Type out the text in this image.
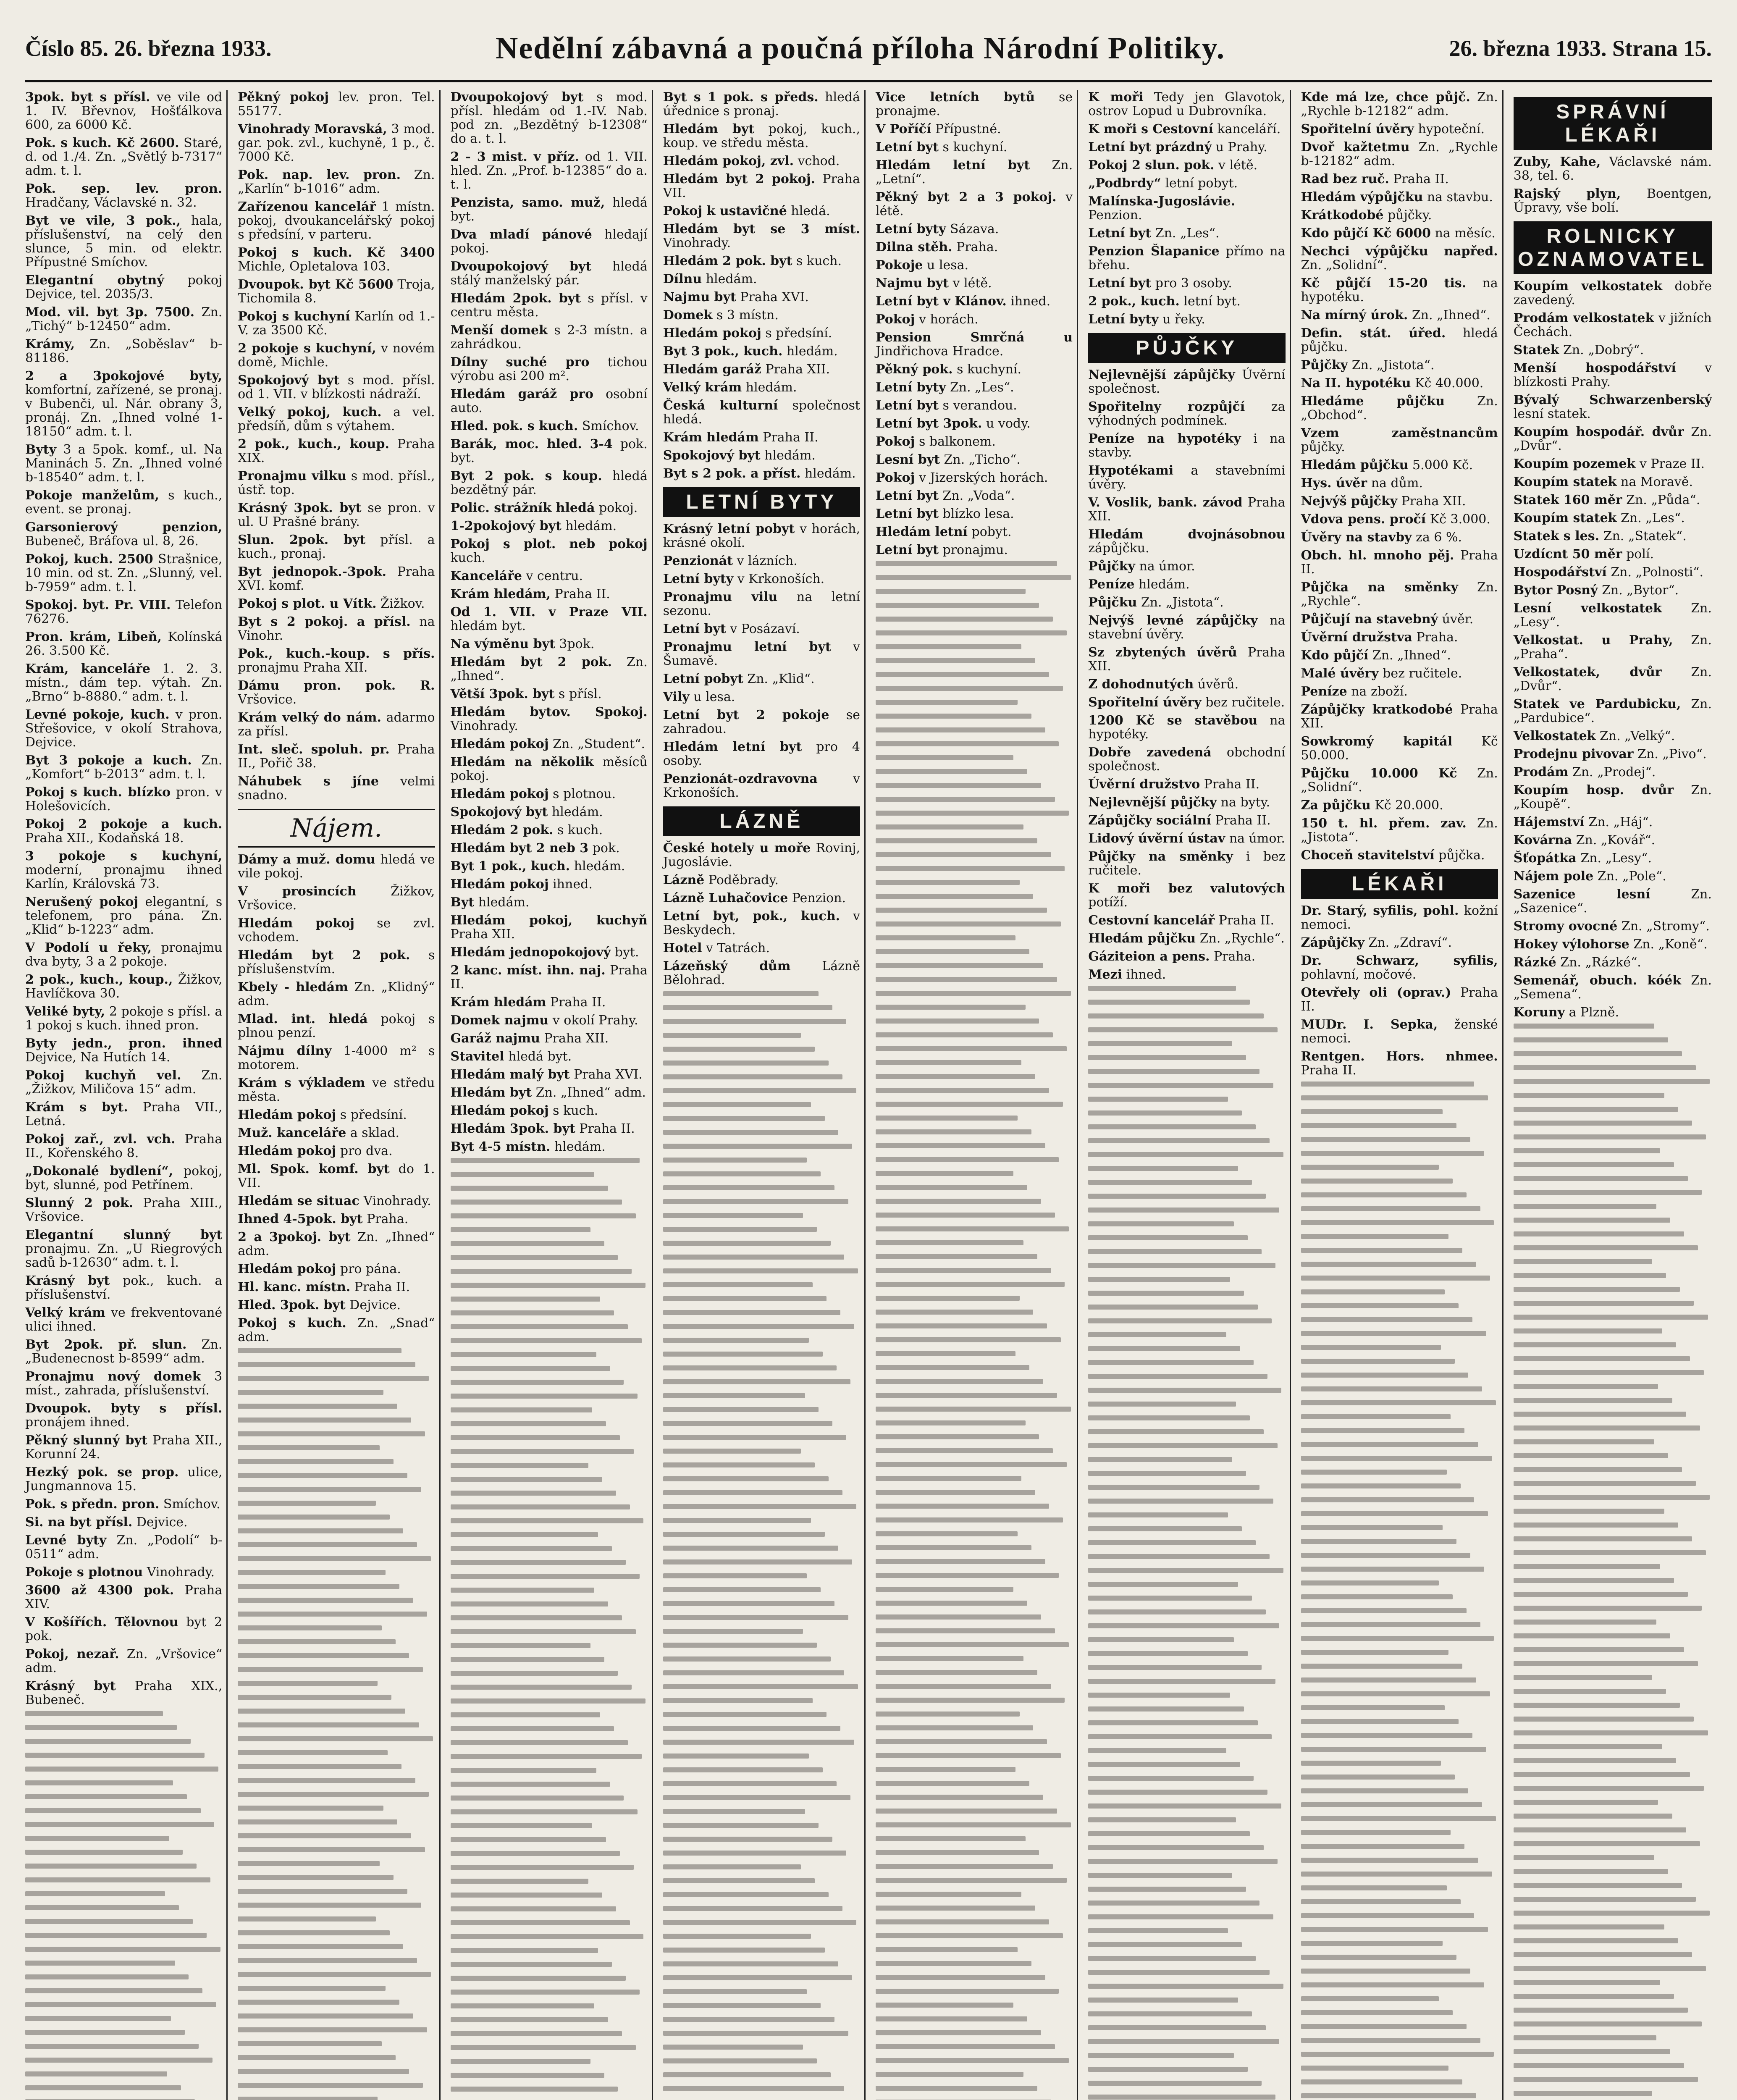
Číslo 85. 26. března 1933.	Nedělní zábavná a poučná příloha Národní Politiky.	26. března 1933. Strana 15.

3pok. byt s přísl. ve vile od 1. IV. Břevnov, Hošťálkova 600, za 6000 Kč.

Pok. s kuch. Kč 2600. Staré, d. od 1./4. Zn. „Světlý b-7317“ adm. t. l.

Pok. sep. lev. pron. Hradčany, Václavské n. 32.

Byt ve vile, 3 pok., hala, příslušenství, na celý den slunce, 5 min. od elektr. Přípustné Smíchov.

Elegantní obytný pokoj Dejvice, tel. 2035/3.

Mod. vil. byt 3p. 7500. Zn. „Tichý“ b-12450“ adm.

Krámy, Zn. „Soběslav“ b-81186.

2 a 3pokojové byty, komfortní, zařízené, se pronaj. v Bubenči, ul. Nár. obrany 3, pronáj. Zn. „Ihned volné 1-18150“ adm. t. l.

Byty 3 a 5pok. komf., ul. Na Maninách 5. Zn. „Ihned volné b-18540“ adm. t. l.

Pokoje manželům, s kuch., event. se pronaj.

Garsonierový penzion, Bubeneč, Bráfova ul. 8, 26.

Pokoj, kuch. 2500 Strašnice, 10 min. od st. Zn. „Slunný, vel. b-7959“ adm. t. l.

Spokoj. byt. Pr. VIII. Telefon 76276.

Pron. krám, Libeň, Kolínská 26. 3.500 Kč.

Krám, kanceláře 1. 2. 3. místn., dám tep. výtah. Zn. „Brno“ b-8880.“ adm. t. l.

Levné pokoje, kuch. v pron. Střešovice, v okolí Strahova, Dejvice.

Byt 3 pokoje a kuch. Zn. „Komfort“ b-2013“ adm. t. l.

Pokoj s kuch. blízko pron. v Holešovicích.

Pokoj 2 pokoje a kuch. Praha XII., Kodaňská 18.

3 pokoje s kuchyní, moderní, pronajmu ihned Karlín, Královská 73.

Nerušený pokoj elegantní, s telefonem, pro pána. Zn. „Klid“ b-1223“ adm.

V Podolí u řeky, pronajmu dva byty, 3 a 2 pokoje.

2 pok., kuch., koup., Žižkov, Havlíčkova 30.

Veliké byty, 2 pokoje s přísl. a 1 pokoj s kuch. ihned pron.

Byty jedn., pron. ihned Dejvice, Na Hutích 14.

Pokoj kuchyň vel. Zn. „Žižkov, Miličova 15“ adm.

Krám s byt. Praha VII., Letná.

Pokoj zař., zvl. vch. Praha II., Kořenského 8.

„Dokonalé bydlení“, pokoj, byt, slunné, pod Petřínem.

Slunný 2 pok. Praha XIII., Vršovice.

Elegantní slunný byt pronajmu. Zn. „U Riegrových sadů b-12630“ adm. t. l.

Krásný byt pok., kuch. a příslušenství.

Velký krám ve frekventované ulici ihned.

Byt 2pok. př. slun. Zn. „Budenecnost b-8599“ adm.

Pronajmu nový domek 3 míst., zahrada, příslušenství.

Dvoupok. byty s přísl. pronájem ihned.

Pěkný slunný byt Praha XII., Korunní 24.

Hezký pok. se prop. ulice, Jungmannova 15.

Pok. s předn. pron. Smíchov.

Si. na byt přísl. Dejvice.

Levné byty Zn. „Podolí“ b-0511“ adm.

Pokoje s plotnou Vinohrady.

3600 až 4300 pok. Praha XIV.

V Košířích. Tělovnou byt 2 pok.

Pokoj, nezař. Zn. „Vršovice“ adm.

Krásný byt Praha XIX., Bubeneč.

Pěkný pokoj lev. pron. Tel. 55177.

Vinohrady Moravská, 3 mod. gar. pok. zvl., kuchyně, 1 p., č. 7000 Kč.

Pok. nap. lev. pron. Zn. „Karlín“ b-1016“ adm.

Zařízenou kancelář 1 místn. pokoj, dvoukancelářský pokoj s předsíní, v parteru.

Pokoj s kuch. Kč 3400 Michle, Opletalova 103.

Dvoupok. byt Kč 5600 Troja, Tichomila 8.

Pokoj s kuchyní Karlín od 1.-V. za 3500 Kč.

2 pokoje s kuchyní, v novém domě, Michle.

Spokojový byt s mod. přísl. od 1. VII. v blízkosti nádraží.

Velký pokoj, kuch. a vel. předsíň, dům s výtahem.

2 pok., kuch., koup. Praha XIX.

Pronajmu vilku s mod. přísl., ústř. top.

Krásný 3pok. byt se pron. v ul. U Prašné brány.

Slun. 2pok. byt přísl. a kuch., pronaj.

Byt jednopok.-3pok. Praha XVI. komf.

Pokoj s plot. u Vítk. Žižkov.

Byt s 2 pokoj. a přísl. na Vinohr.

Pok., kuch.-koup. s přís. pronajmu Praha XII.

Dámu pron. pok. R. Vršovice.

Krám velký do nám. adarmo za přísl.

Int. sleč. spoluh. pr. Praha II., Pořič 38.

Náhubek s jíne velmi snadno.

Nájem.

Dámy a muž. domu hledá ve vile pokoj.

V prosincích	Žižkov, Vršovice.

Hledám pokoj se zvl. vchodem.

Hledám byt 2 pok. s příslušenstvím.

Kbely - hledám Zn. „Klidný“ adm.

Mlad. int. hledá pokoj s plnou penzí.

Nájmu dílny 1-4000 m² s motorem.

Krám s výkladem ve středu města.

Hledám pokoj s předsíní.

Muž. kanceláře a sklad.

Hledám pokoj pro dva.

Ml. Spok. komf. byt do 1. VII.

Hledám se situac Vinohrady.

Ihned 4-5pok. byt Praha.

2 a 3pokoj. byt Zn. „Ihned“ adm.

Hledám pokoj pro pána.

Hl. kanc. místn. Praha II.

Hled. 3pok. byt Dejvice.

Pokoj s kuch. Zn. „Snad“ adm.

Dvoupokojový byt s mod. přísl. hledám od 1.-IV. Nab. pod zn. „Bezdětný b-12308“ do a. t. l.

2 - 3 mist. v příz. od 1. VII. hled. Zn. „Prof. b-12385“ do a. t. l.

Penzista, samo. muž, hledá byt.

Dva mladí pánové hledají pokoj.

Dvoupokojový byt hledá stálý manželský pár.

Hledám 2pok. byt s přísl. v centru města.

Menší domek s 2-3 místn. a zahrádkou.

Dílny suché pro tichou výrobu asi 200 m².

Hledám garáž pro osobní auto.

Hled. pok. s kuch. Smíchov.

Barák, moc. hled. 3-4 pok. byt.

Byt 2 pok. s koup. hledá bezdětný pár.

Polic. strážník hledá pokoj.

1-2pokojový byt hledám.

Pokoj s plot. neb pokoj kuch.

Kanceláře v centru.

Krám hledám, Praha II.

Od 1. VII. v Praze VII. hledám byt.

Na výměnu byt 3pok.

Hledám byt 2 pok. Zn. „Ihned“.

Větší 3pok. byt s přísl.

Hledám bytov. Spokoj. Vinohrady.

Hledám pokoj Zn. „Student“.

Hledám na několik měsíců pokoj.

Hledám pokoj s plotnou.

Spokojový byt hledám.

Hledám 2 pok. s kuch.

Hledám byt 2 neb 3 pok.

Byt 1 pok., kuch. hledám.

Hledám pokoj ihned.

Byt hledám.

Hledám pokoj, kuchyň Praha XII.

Hledám jednopokojový byt.

2 kanc. míst. ihn. naj. Praha II.

Krám hledám Praha II.

Domek najmu v okolí Prahy.

Garáž najmu Praha XII.

Stavitel hledá byt.

Hledám malý byt Praha XVI.

Hledám byt Zn. „Ihned“ adm.

Hledám pokoj s kuch.

Hledám 3pok. byt Praha II.

Byt 4-5 místn. hledám.

Byt s 1 pok. s předs. hledá úřednice s pronaj.

Hledám byt pokoj, kuch., koup. ve středu města.

Hledám pokoj, zvl. vchod.

Hledám byt 2 pokoj. Praha VII.

Pokoj k ustavičné hledá.

Hledám byt se 3 míst. Vinohrady.

Hledám 2 pok. byt s kuch.

Dílnu hledám.

Najmu byt Praha XVI.

Domek s 3 místn.

Hledám pokoj s předsíní.

Byt 3 pok., kuch. hledám.

Hledám garáž Praha XII.

Velký krám hledám.

Česká kulturní společnost hledá.

Krám hledám Praha II.

Spokojový byt hledám.

Byt s 2 pok. a příst. hledám.

LETNÍ BYTY

Krásný letní pobyt v horách, krásné okolí.

Penzionát v lázních.

Letní byty v Krkonoších.

Pronajmu vilu na letní sezonu.

Letní byt v Posázaví.

Pronajmu letní byt v Šumavě.

Letní pobyt Zn. „Klid“.

Vily u lesa.

Letní byt 2 pokoje se zahradou.

Hledám letní byt pro 4 osoby.

Penzionát-ozdravovna	v Krkonoších.

LÁZNĚ

České hotely u moře Rovinj, Jugoslávie.

Lázně Poděbrady.

Lázně Luhačovice Penzion.

Letní byt, pok., kuch. v Beskydech.

Hotel v Tatrách.

Lázeňský dům Lázně Bělohrad.

Vice letních bytů se pronajme.

V Poříčí Přípustné.

Letní byt s kuchyní.

Hledám letní byt Zn. „Letní“.

Pěkný byt 2 a 3 pokoj. v létě.

Letní byty Sázava.

Dilna stěh. Praha.

Pokoje u lesa.

Najmu byt v létě.

Letní byt v Klánov. ihned.

Pokoj v horách.

Pension Smrčná u Jindřichova Hradce.

Pěkný pok. s kuchyní.

Letní byty Zn. „Les“.

Letní byt s verandou.

Letní byt 3pok. u vody.

Pokoj s balkonem.

Lesní byt Zn. „Ticho“.

Pokoj v Jizerských horách.

Letní byt Zn. „Voda“.

Letní byt blízko lesa.

Hledám letní pobyt.

Letní byt pronajmu.

K moři Tedy jen Glavotok, ostrov Lopud u Dubrovníka.

K moři s Cestovní kanceláří.

Letní byt prázdný u Prahy.

Pokoj 2 slun. pok. v létě.

„Podbrdy“ letní pobyt.

Malínska-Jugoslávie. Penzion.

Letní byt Zn. „Les“.

Penzion Šlapanice přímo na břehu.

Letní byt pro 3 osoby.

2 pok., kuch. letní byt.

Letní byty u řeky.

PŮJČKY

Nejlevnější zápůjčky Úvěrní společnost.

Spořitelny rozpůjčí za výhodných podmínek.

Peníze na hypotéky i na stavby.

Hypotékami a stavebními úvěry.

V. Voslik, bank. závod Praha XII.

Hledám dvojnásobnou zápůjčku.

Půjčky na úmor.

Peníze hledám.

Půjčku Zn. „Jistota“.

Nejvýš levné zápůjčky na stavební úvěry.

Sz zbytených úvěrů Praha XII.

Z dohodnutých úvěrů.

Spořitelní úvěry bez ručitele.

1200 Kč se stavěbou na hypotéky.

Dobře zavedená obchodní společnost.

Úvěrní družstvo Praha II.

Nejlevnější půjčky na byty.

Zápůjčky sociální Praha II.

Lidový úvěrní ústav na úmor.

Půjčky na směnky i bez ručitele.

K moři bez valutových potíží.

Cestovní kancelář Praha II.

Hledám půjčku Zn. „Rychle“.

Gáziteion a pens. Praha.

Mezi ihned.

Kde má lze, chce půjč. Zn. „Rychle b-12182“ adm.

Spořitelní úvěry hypoteční.

Dvoř kažtetmu Zn. „Rychle b-12182“ adm.

Rad bez ruč. Praha II.

Hledám výpůjčku na stavbu.

Krátkodobé půjčky.

Kdo půjčí Kč 6000 na měsíc.

Nechci výpůjčku napřed. Zn. „Solidní“.

Kč půjčí 15-20 tis. na hypotéku.

Na mírný úrok. Zn. „Ihned“.

Defin. stát. úřed. hledá půjčku.

Půjčky Zn. „Jistota“.

Na II. hypotéku Kč 40.000.

Hledáme půjčku	Zn. „Obchod“.

Vzem zaměstnancům půjčky.

Hledám půjčku 5.000 Kč.

Hys. úvěr na dům.

Nejvýš půjčky Praha XII.

Vdova pens. pročí Kč 3.000.

Úvěry na stavby za 6 %.

Obch. hl. mnoho pěj. Praha II.

Půjčka na směnky Zn. „Rychle“.

Půjčují na stavebný úvěr.

Úvěrní družstva Praha.

Kdo půjčí Zn. „Ihned“.

Malé úvěry bez ručitele.

Peníze na zboží.

Zápůjčky kratkodobé Praha XII.

Sowkromý kapitál Kč 50.000.

Půjčku 10.000 Kč Zn. „Solidní“.

Za půjčku Kč 20.000.

150 t. hl. přem. zav. Zn. „Jistota“.

Choceň stavitelství půjčka.

LÉKAŘI

Dr. Starý, syfilis, pohl. kožní nemoci.

Zápůjčky Zn. „Zdraví“.

Dr. Schwarz, syfilis, pohlavní, močové.

Otevřely oli (oprav.) Praha II.

MUDr. I. Sepka, ženské nemoci.

Rentgen. Hors. nhmee. Praha II.

SPRÁVNÍ LÉKAŘI

Zuby, Kahe, Václavské nám. 38, tel. 6.

Rajský plyn, Boentgen, Úpravy, vše bolí.

ROLNICKY OZNAMOVATEL

Koupím velkostatek dobře zavedený.

Prodám velkostatek v jižních Čechách.

Statek Zn. „Dobrý“.

Menší hospodářství v blízkosti Prahy.

Bývalý Schwarzenberský lesní statek.

Koupím hospodář. dvůr Zn. „Dvůr“.

Koupím pozemek v Praze II.

Koupím statek na Moravě.

Statek 160 měr Zn. „Půda“.

Koupím statek Zn. „Les“.

Statek s les. Zn. „Statek“.

Uzdícnt 50 měr polí.

Hospodářství Zn. „Polnosti“.

Bytor Posný Zn. „Bytor“.

Lesní velkostatek Zn. „Lesy“.

Velkostat. u Prahy, Zn. „Praha“.

Velkostatek, dvůr Zn. „Dvůr“.

Statek ve Pardubicku, Zn. „Pardubice“.

Velkostatek Zn. „Velký“.

Prodejnu pivovar Zn. „Pivo“.

Prodám Zn. „Prodej“.

Koupím hosp. dvůr Zn. „Koupě“.

Hájemství Zn. „Háj“.

Kovárna Zn. „Kovář“.

Šťopátka Zn. „Lesy“.

Nájem pole Zn. „Pole“.

Sazenice lesní	Zn. „Sazenice“.

Stromy ovocné Zn. „Stromy“.

Hokey výlohorse Zn. „Koně“.

Rázké Zn. „Rázké“.

Semenář, obuch. kóék Zn. „Semena“.

Koruny a Plzně.
